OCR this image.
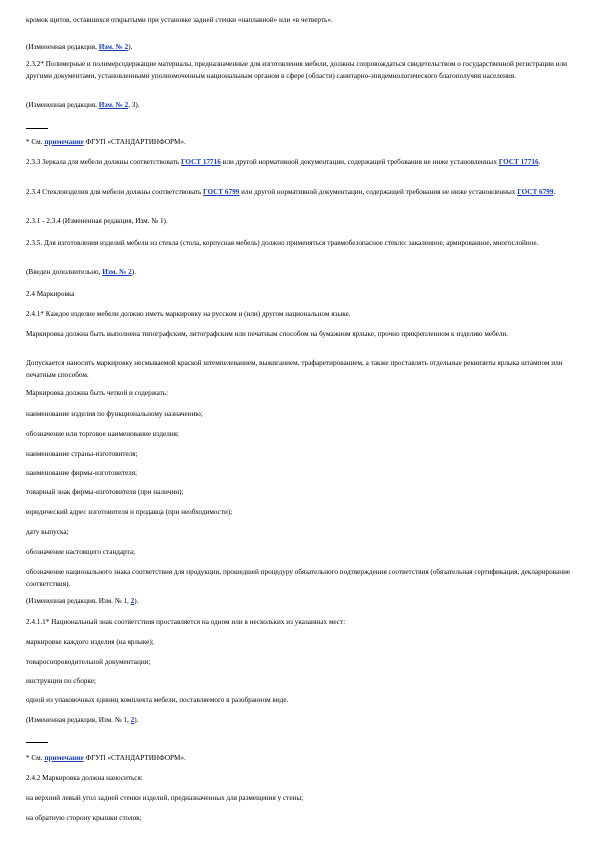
кромок щитов, оставшихся открытыми при установке задней стенки «наплавной» или «в четверть».

(Измененная редакция, Изм. № 2).

2.3.2* Полимерные и полимерсодержащие материалы, предназначенные для изготовления мебели, должны сопровождаться свидетельством о государственной регистрации или другими документами, установленными уполномоченным национальным органом в сфере (области) санитарно-эпидемиологического благополучия населения.

(Измененная редакция, Изм. № 2, 3).

* См. примечание ФГУП «СТАНДАРТИНФОРМ».

2.3.3 Зеркала для мебели должны соответствовать ГОСТ 17716 или другой нормативной документации, содержащей требования не ниже установленных ГОСТ 17716.

2.3.4 Стеклоизделия для мебели должны соответствовать ГОСТ 6799 или другой нормативной документации, содержащей требования не ниже установленных ГОСТ 6799.

2.3.1 - 2.3.4 (Измененная редакция, Изм. № 1).

2.3.5. Для изготовления изделий мебели из стекла (стола, корпусная мебель) должно применяться травмобезопасное стекло: закаленное, армированное, многослойное.

(Введен дополнительно, Изм. № 2).

2.4 Маркировка

2.4.1* Каждое изделие мебели должно иметь маркировку на русском и (или) другом национальном языке.

Маркировка должна быть выполнена типографским, литографским или печатным способом на бумажном ярлыке, прочно прикрепленном к изделию мебели.

Допускается наносить маркировку несмываемой краской штемпелеванием, выжиганием, трафаретированием, а также проставлять отдельные реквизиты ярлыка штампом или печатным способом.

Маркировка должна быть четкой и содержать:

наименование изделия по функциональному назначению;

обозначение или торговое наименование изделия;

наименование страны-изготовителя;

наименование фирмы-изготовителя;

товарный знак фирмы-изготовителя (при наличии);

юридический адрес изготовителя и продавца (при необходимости);

дату выпуска;

обозначение настоящего стандарта;

обозначение национального знака соответствия для продукции, прошедшей процедуру обязательного подтверждения соответствия (обязательная сертификация, декларирование соответствия).

(Измененная редакция, Изм. № 1, 2).

2.4.1.1* Национальный знак соответствия проставляется на одном или в нескольких из указанных мест:

маркировке каждого изделия (на ярлыке);

товаросопроводительной документации;

инструкции по сборке;

одной из упаковочных единиц комплекта мебели, поставляемого в разобранном виде.

(Измененная редакция, Изм. № 1, 2).

* См. примечание ФГУП «СТАНДАРТИНФОРМ».

2.4.2 Маркировка должна наноситься:

на верхний левый угол задней стенки изделий, предназначенных для размещения у стены;

на обратную сторону крышки столов;
